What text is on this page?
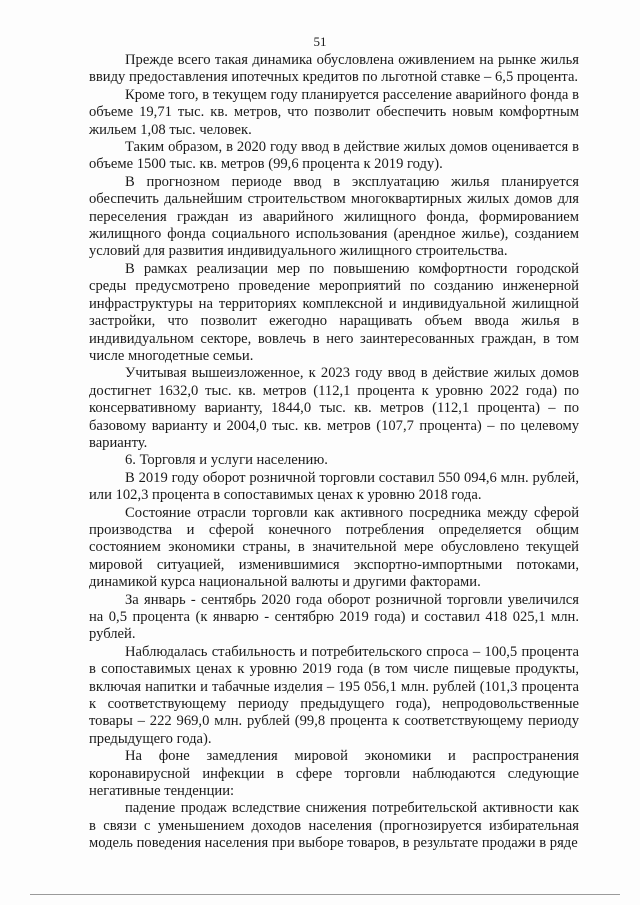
51

Прежде всего такая динамика обусловлена оживлением на рынке жилья ввиду предоставления ипотечных кредитов по льготной ставке – 6,5 процента.

Кроме того, в текущем году планируется расселение аварийного фонда в объеме 19,71 тыс. кв. метров, что позволит обеспечить новым комфортным жильем 1,08 тыс. человек.

Таким образом, в 2020 году ввод в действие жилых домов оценивается в объеме 1500 тыс. кв. метров (99,6 процента к 2019 году).

В прогнозном периоде ввод в эксплуатацию жилья планируется обеспечить дальнейшим строительством многоквартирных жилых домов для переселения граждан из аварийного жилищного фонда, формированием жилищного фонда социального использования (арендное жилье), созданием условий для развития индивидуального жилищного строительства.

В рамках реализации мер по повышению комфортности городской среды предусмотрено проведение мероприятий по созданию инженерной инфраструктуры на территориях комплексной и индивидуальной жилищной застройки, что позволит ежегодно наращивать объем ввода жилья в индивидуальном секторе, вовлечь в него заинтересованных граждан, в том числе многодетные семьи.

Учитывая вышеизложенное, к 2023 году ввод в действие жилых домов достигнет 1632,0 тыс. кв. метров (112,1 процента к уровню 2022 года) по консервативному варианту, 1844,0 тыс. кв. метров (112,1 процента) – по базовому варианту и 2004,0 тыс. кв. метров (107,7 процента) – по целевому варианту.

6. Торговля и услуги населению.

В 2019 году оборот розничной торговли составил 550 094,6 млн. рублей, или 102,3 процента в сопоставимых ценах к уровню 2018 года.

Состояние отрасли торговли как активного посредника между сферой производства и сферой конечного потребления определяется общим состоянием экономики страны, в значительной мере обусловлено текущей мировой ситуацией, изменившимися экспортно-импортными потоками, динамикой курса национальной валюты и другими факторами.

За январь - сентябрь 2020 года оборот розничной торговли увеличился на 0,5 процента (к январю - сентябрю 2019 года) и составил 418 025,1 млн. рублей.

Наблюдалась стабильность и потребительского спроса – 100,5 процента в сопоставимых ценах к уровню 2019 года (в том числе пищевые продукты, включая напитки и табачные изделия – 195 056,1 млн. рублей (101,3 процента к соответствующему периоду предыдущего года), непродовольственные товары – 222 969,0 млн. рублей (99,8 процента к соответствующему периоду предыдущего года).

На фоне замедления мировой экономики и распространения коронавирусной инфекции в сфере торговли наблюдаются следующие негативные тенденции:

падение продаж вследствие снижения потребительской активности как в связи с уменьшением доходов населения (прогнозируется избирательная модель поведения населения при выборе товаров, в результате продажи в ряде
